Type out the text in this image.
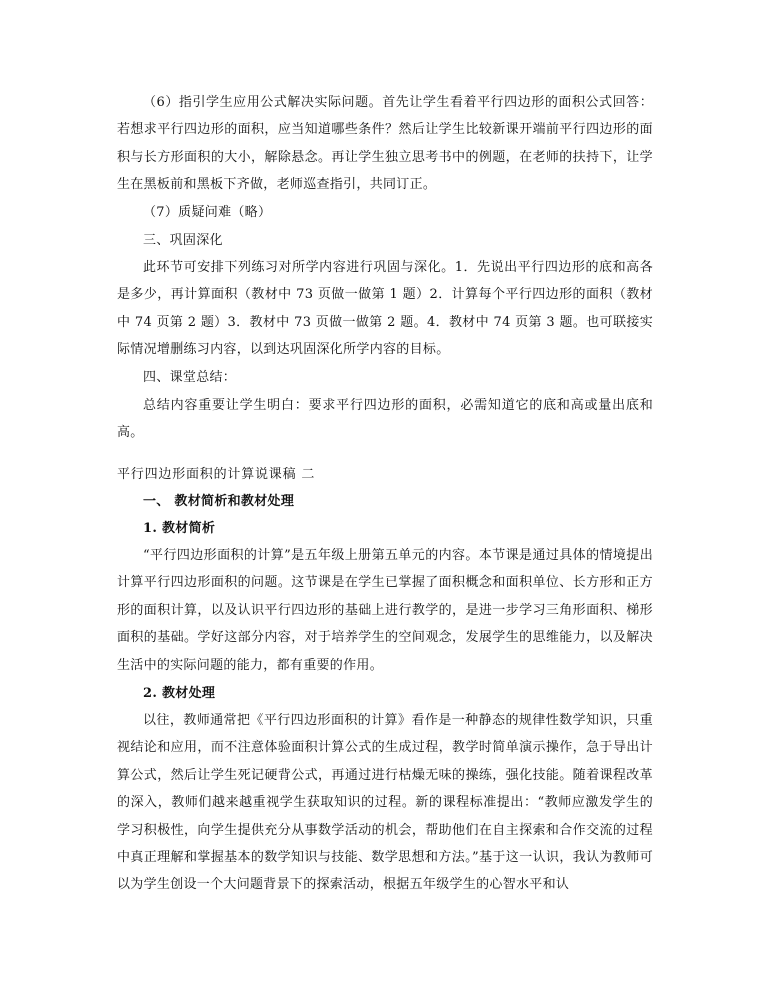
（6）指引学生应用公式解决实际问题。首先让学生看着平行四边形的面积公式回答：若想求平行四边形的面积，应当知道哪些条件？然后让学生比较新课开端前平行四边形的面积与长方形面积的大小，解除悬念。再让学生独立思考书中的例题，在老师的扶持下，让学生在黑板前和黑板下齐做，老师巡查指引，共同订正。

（7）质疑问难（略）

三、巩固深化

此环节可安排下列练习对所学内容进行巩固与深化。1．先说出平行四边形的底和高各是多少，再计算面积（教材中 73 页做一做第 1 题）2．计算每个平行四边形的面积（教材中 74 页第 2 题）3．教材中 73 页做一做第 2 题。4．教材中 74 页第 3 题。也可联接实际情况增删练习内容，以到达巩固深化所学内容的目标。

四、课堂总结：

总结内容重要让学生明白：要求平行四边形的面积，必需知道它的底和高或量出底和高。

平行四边形面积的计算说课稿 二

一、 教材简析和教材处理

1. 教材简析

“平行四边形面积的计算”是五年级上册第五单元的内容。本节课是通过具体的情境提出计算平行四边形面积的问题。这节课是在学生已掌握了面积概念和面积单位、长方形和正方形的面积计算，以及认识平行四边形的基础上进行教学的，是进一步学习三角形面积、梯形面积的基础。学好这部分内容，对于培养学生的空间观念，发展学生的思维能力，以及解决生活中的实际问题的能力，都有重要的作用。

2. 教材处理

以往，教师通常把《平行四边形面积的计算》看作是一种静态的规律性数学知识，只重视结论和应用，而不注意体验面积计算公式的生成过程，教学时简单演示操作，急于导出计算公式，然后让学生死记硬背公式，再通过进行枯燥无味的操练，强化技能。随着课程改革的深入，教师们越来越重视学生获取知识的过程。新的课程标准提出：“教师应激发学生的学习积极性，向学生提供充分从事数学活动的机会，帮助他们在自主探索和合作交流的过程中真正理解和掌握基本的数学知识与技能、数学思想和方法。”基于这一认识，我认为教师可以为学生创设一个大问题背景下的探索活动，根据五年级学生的心智水平和认
